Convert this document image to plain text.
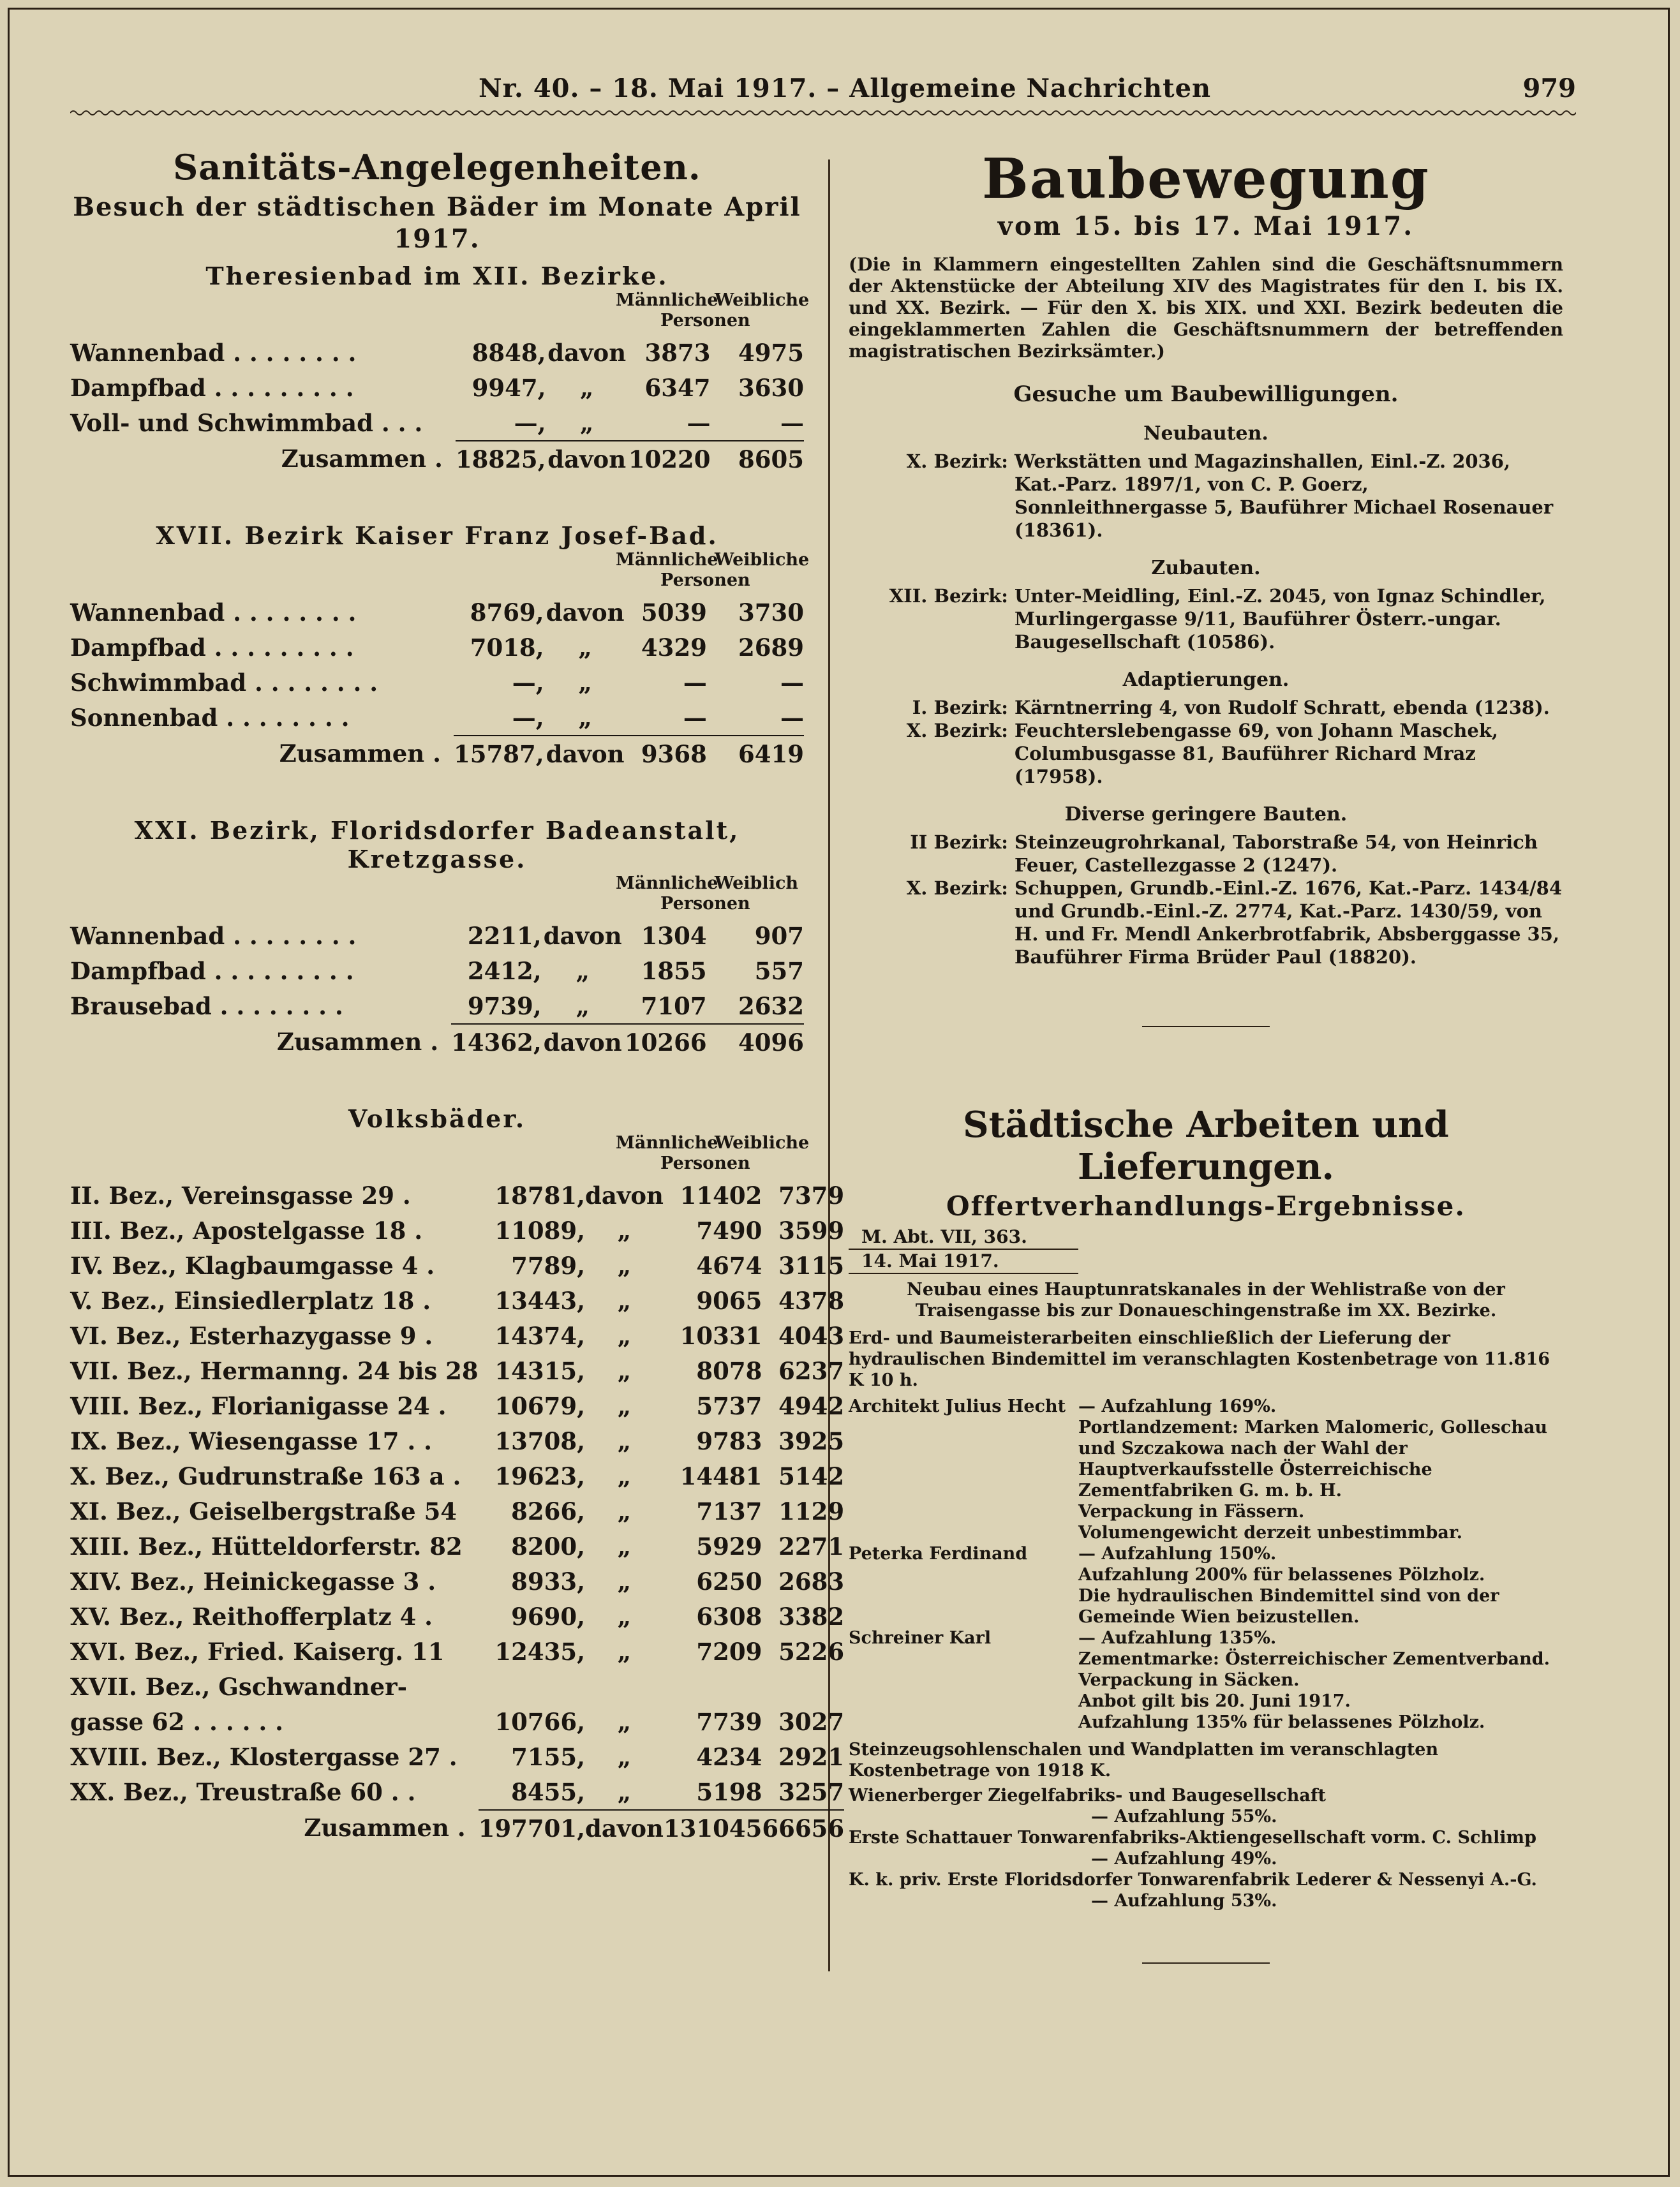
Nr. 40. – 18. Mai 1917. – Allgemeine Nachrichten	979
Sanitäts-Angelegenheiten.
Besuch der städtischen Bäder im Monate April 1917.
Theresienbad im XII. Bezirke.
Männliche
Weibliche
Personen
Wannenbad . . . . . . . .	8848,	davon	3873	4975
Dampfbad . . . . . . . . .	9947,	„	6347	3630
Voll- und Schwimmbad . . .	—,	„	—	—
Zusammen .	18825,	davon	10220	8605
XVII. Bezirk Kaiser Franz Josef-Bad.
Männliche
Weibliche
Personen
Wannenbad . . . . . . . .	8769,	davon	5039	3730
Dampfbad . . . . . . . . .	7018,	„	4329	2689
Schwimmbad . . . . . . . .	—,	„	—	—
Sonnenbad . . . . . . . .	—,	„	—	—
Zusammen .	15787,	davon	9368	6419
XXI. Bezirk, Floridsdorfer Badeanstalt, Kretzgasse.
Männliche
Weiblich
Personen
Wannenbad . . . . . . . .	2211,	davon	1304	907
Dampfbad . . . . . . . . .	2412,	„	1855	557
Brausebad . . . . . . . .	9739,	„	7107	2632
Zusammen .	14362,	davon	10266	4096
Volksbäder.
Männliche
Weibliche
Personen
II. Bez., Vereinsgasse 29 .	18781,	davon	11402	7379
III. Bez., Apostelgasse 18 .	11089,	„	7490	3599
IV. Bez., Klagbaumgasse 4 .	7789,	„	4674	3115
V. Bez., Einsiedlerplatz 18 .	13443,	„	9065	4378
VI. Bez., Esterhazygasse 9 .	14374,	„	10331	4043
VII. Bez., Hermanng. 24 bis 28	14315,	„	8078	6237
VIII. Bez., Florianigasse 24 .	10679,	„	5737	4942
IX. Bez., Wiesengasse 17 . .	13708,	„	9783	3925
X. Bez., Gudrunstraße 163 a .	19623,	„	14481	5142
XI. Bez., Geiselbergstraße 54	8266,	„	7137	1129
XIII. Bez., Hütteldorferstr. 82	8200,	„	5929	2271
XIV. Bez., Heinickegasse 3 .	8933,	„	6250	2683
XV. Bez., Reithofferplatz 4 .	9690,	„	6308	3382
XVI. Bez., Fried. Kaiserg. 11	12435,	„	7209	5226
XVII. Bez., Gschwandner-				
gasse 62 . . . . . .	10766,	„	7739	3027
XVIII. Bez., Klostergasse 27 .	7155,	„	4234	2921
XX. Bez., Treustraße 60 . .	8455,	„	5198	3257
Zusammen .	197701,	davon	131045	66656
Baubewegung
vom 15. bis 17. Mai 1917.
(Die in Klammern eingestellten Zahlen sind die Geschäftsnummern der Aktenstücke der Abteilung XIV des Magistrates für den I. bis IX. und XX. Bezirk. — Für den X. bis XIX. und XXI. Bezirk bedeuten die eingeklammerten Zahlen die Geschäftsnummern der betreffenden magistratischen Bezirksämter.)
Gesuche um Baubewilligungen.
Neubauten.
X. Bezirk: Werkstätten und Magazinshallen, Einl.-Z. 2036, Kat.-Parz. 1897/1, von C. P. Goerz, Sonnleithnergasse 5, Bauführer Michael Rosenauer (18361).
Zubauten.
XII. Bezirk: Unter-Meidling, Einl.-Z. 2045, von Ignaz Schindler, Murlingergasse 9/11, Bauführer Österr.-ungar. Baugesellschaft (10586).
Adaptierungen.
I. Bezirk: Kärntnerring 4, von Rudolf Schratt, ebenda (1238).
X. Bezirk: Feuchterslebengasse 69, von Johann Maschek, Columbusgasse 81, Bauführer Richard Mraz (17958).
Diverse geringere Bauten.
II Bezirk: Steinzeugrohrkanal, Taborstraße 54, von Heinrich Feuer, Castellezgasse 2 (1247).
X. Bezirk: Schuppen, Grundb.-Einl.-Z. 1676, Kat.-Parz. 1434/84 und Grundb.-Einl.-Z. 2774, Kat.-Parz. 1430/59, von H. und Fr. Mendl Ankerbrotfabrik, Absberggasse 35, Bauführer Firma Brüder Paul (18820).
Städtische Arbeiten und Lieferungen.
Offertverhandlungs-Ergebnisse.
M. Abt. VII, 363.
14. Mai 1917.
Neubau eines Hauptunratskanales in der Wehlistraße von der Traisengasse bis zur Donaueschingenstraße im XX. Bezirke.
Erd- und Baumeisterarbeiten einschließlich der Lieferung der hydraulischen Bindemittel im veranschlagten Kostenbetrage von 11.816 K 10 h.
Architekt Julius Hecht — Aufzahlung 169%.
Portlandzement: Marken Malomeric, Golleschau und Szczakowa nach der Wahl der Hauptverkaufsstelle Österreichische Zementfabriken G. m. b. H.
Verpackung in Fässern.
Volumengewicht derzeit unbestimmbar.
Peterka Ferdinand	— Aufzahlung 150%.
Aufzahlung 200% für belassenes Pölzholz.
Die hydraulischen Bindemittel sind von der Gemeinde Wien beizustellen.
Schreiner Karl	— Aufzahlung 135%.
Zementmarke: Österreichischer Zementverband.
Verpackung in Säcken.
Anbot gilt bis 20. Juni 1917.
Aufzahlung 135% für belassenes Pölzholz.
Steinzeugsohlenschalen und Wandplatten im veranschlagten Kostenbetrage von 1918 K.
Wienerberger Ziegelfabriks- und Baugesellschaft
— Aufzahlung 55%.
Erste Schattauer Tonwarenfabriks-Aktiengesellschaft vorm. C. Schlimp
— Aufzahlung 49%.
K. k. priv. Erste Floridsdorfer Tonwarenfabrik Lederer & Nessenyi A.-G.
— Aufzahlung 53%.
